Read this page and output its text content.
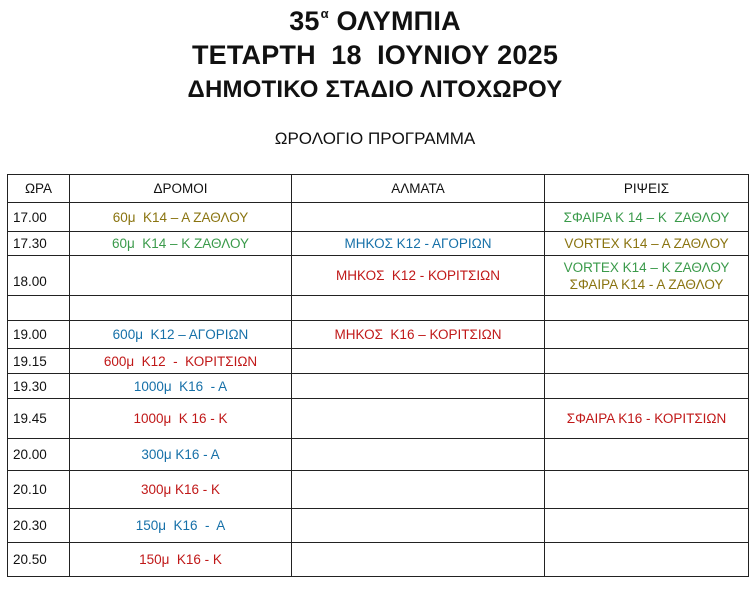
$35^\alpha$ ΟΛΥΜΠΙΑ
ΤΕΤΑΡΤΗ  18  ΙΟΥΝΙΟΥ 2025
ΔΗΜΟΤΙΚΟ ΣΤΑΔΙΟ ΛΙΤΟΧΩΡΟΥ
ΩΡΟΛΟΓΙΟ ΠΡΟΓΡΑΜΜΑ
ΩΡΑ	ΔΡΟΜΟΙ	ΑΛΜΑΤΑ	ΡΙΨΕΙΣ
17.00	60μ  Κ14 – Α ΖΑΘΛΟΥ		ΣΦΑΙΡΑ Κ 14 – Κ  ΖΑΘΛΟΥ
17.30	60μ  Κ14 – Κ ΖΑΘΛΟΥ	ΜΗΚΟΣ Κ12 - ΑΓΟΡΙΩΝ	VORTEX Κ14 – Α ΖΑΘΛΟΥ
18.00		ΜΗΚΟΣ  Κ12 - ΚΟΡΙΤΣΙΩΝ	VORTEX Κ14 – Κ ΖΑΘΛΟΥ
ΣΦΑΙΡΑ Κ14 - Α ΖΑΘΛΟΥ

19.00	600μ  Κ12 – ΑΓΟΡΙΩΝ	ΜΗΚΟΣ  Κ16 – ΚΟΡΙΤΣΙΩΝ	
19.15	600μ  Κ12  -  ΚΟΡΙΤΣΙΩΝ		
19.30	1000μ  Κ16  - Α		
19.45	1000μ  Κ 16 - Κ		ΣΦΑΙΡΑ Κ16 - ΚΟΡΙΤΣΙΩΝ
20.00	300μ Κ16 - Α		
20.10	300μ Κ16 - Κ		
20.30	150μ  Κ16  -  Α		
20.50	150μ  Κ16 - Κ		
